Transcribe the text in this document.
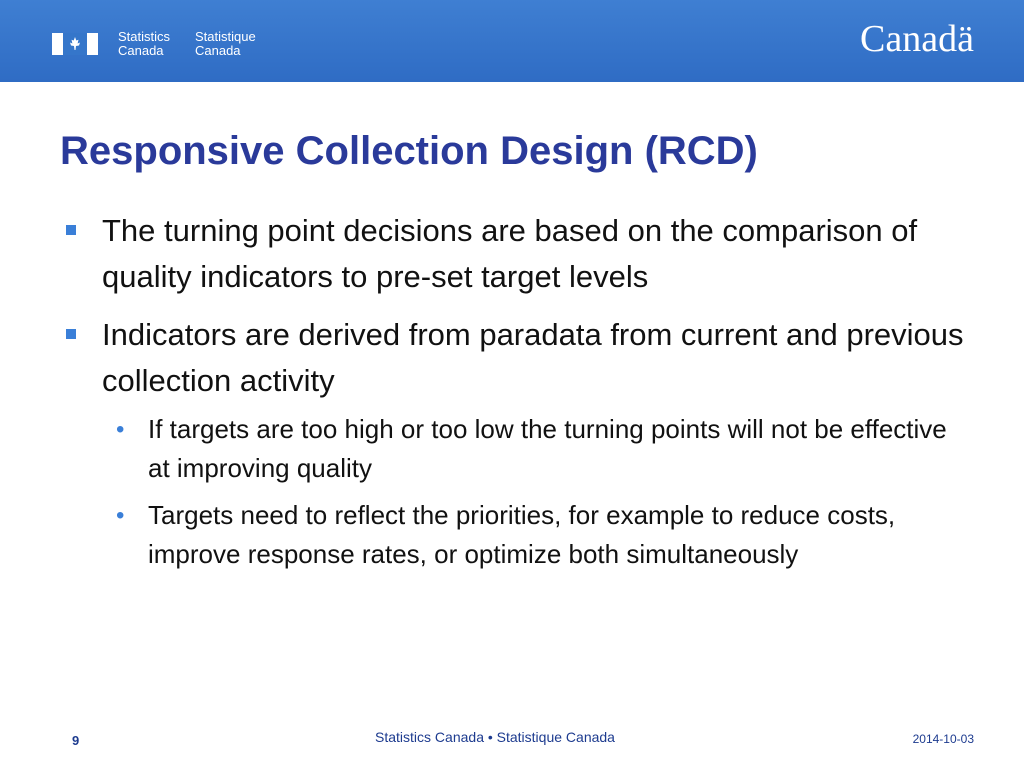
Statistics Canada
Statistique Canada	Canadä
Responsive Collection Design (RCD)
The turning point decisions are based on the comparison of quality indicators to pre-set target levels
Indicators are derived from paradata from current and previous collection activity
• If targets are too high or too low the turning points will not be effective at improving quality
• Targets need to reflect the priorities, for example to reduce costs, improve response rates, or optimize both simultaneously
9	Statistics Canada • Statistique Canada	2014-10-03
